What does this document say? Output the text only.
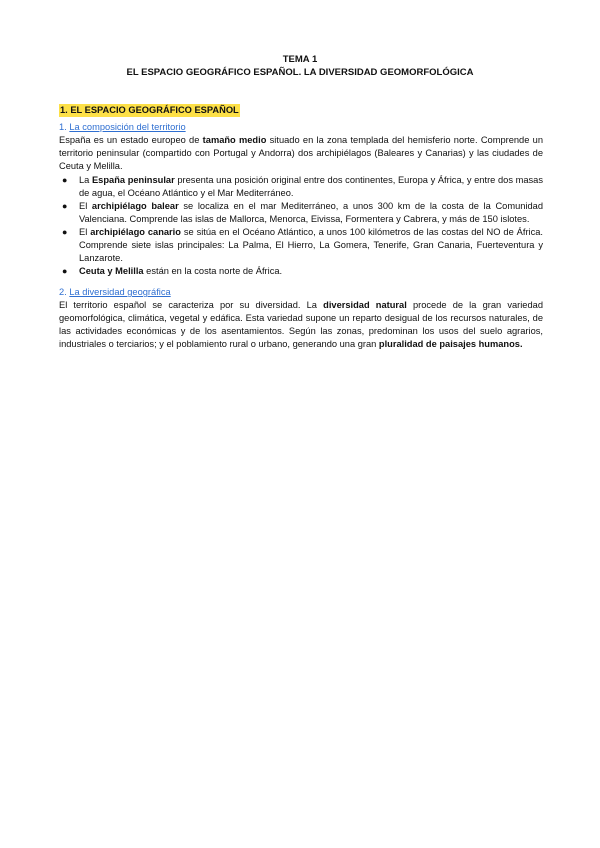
TEMA 1
EL ESPACIO GEOGRÁFICO ESPAÑOL. LA DIVERSIDAD GEOMORFOLÓGICA
1. EL ESPACIO GEOGRÁFICO ESPAÑOL
1. La composición del territorio

España es un estado europeo de tamaño medio situado en la zona templada del hemisferio norte. Comprende un territorio peninsular (compartido con Portugal y Andorra) dos archipiélagos (Baleares y Canarias) y las ciudades de Ceuta y Melilla.

● La España peninsular presenta una posición original entre dos continentes, Europa y África, y entre dos masas de agua, el Océano Atlántico y el Mar Mediterráneo.
● El archipiélago balear se localiza en el mar Mediterráneo, a unos 300 km de la costa de la Comunidad Valenciana. Comprende las islas de Mallorca, Menorca, Eivissa, Formentera y Cabrera, y más de 150 islotes.
● El archipiélago canario se sitúa en el Océano Atlántico, a unos 100 kilómetros de las costas del NO de África. Comprende siete islas principales: La Palma, El Hierro, La Gomera, Tenerife, Gran Canaria, Fuerteventura y Lanzarote.
● Ceuta y Melilla están en la costa norte de África.
2. La diversidad geográfica

El territorio español se caracteriza por su diversidad. La diversidad natural procede de la gran variedad geomorfológica, climática, vegetal y edáfica. Esta variedad supone un reparto desigual de los recursos naturales, de las actividades económicas y de los asentamientos. Según las zonas, predominan los usos del suelo agrarios, industriales o terciarios; y el poblamiento rural o urbano, generando una gran pluralidad de paisajes humanos.
